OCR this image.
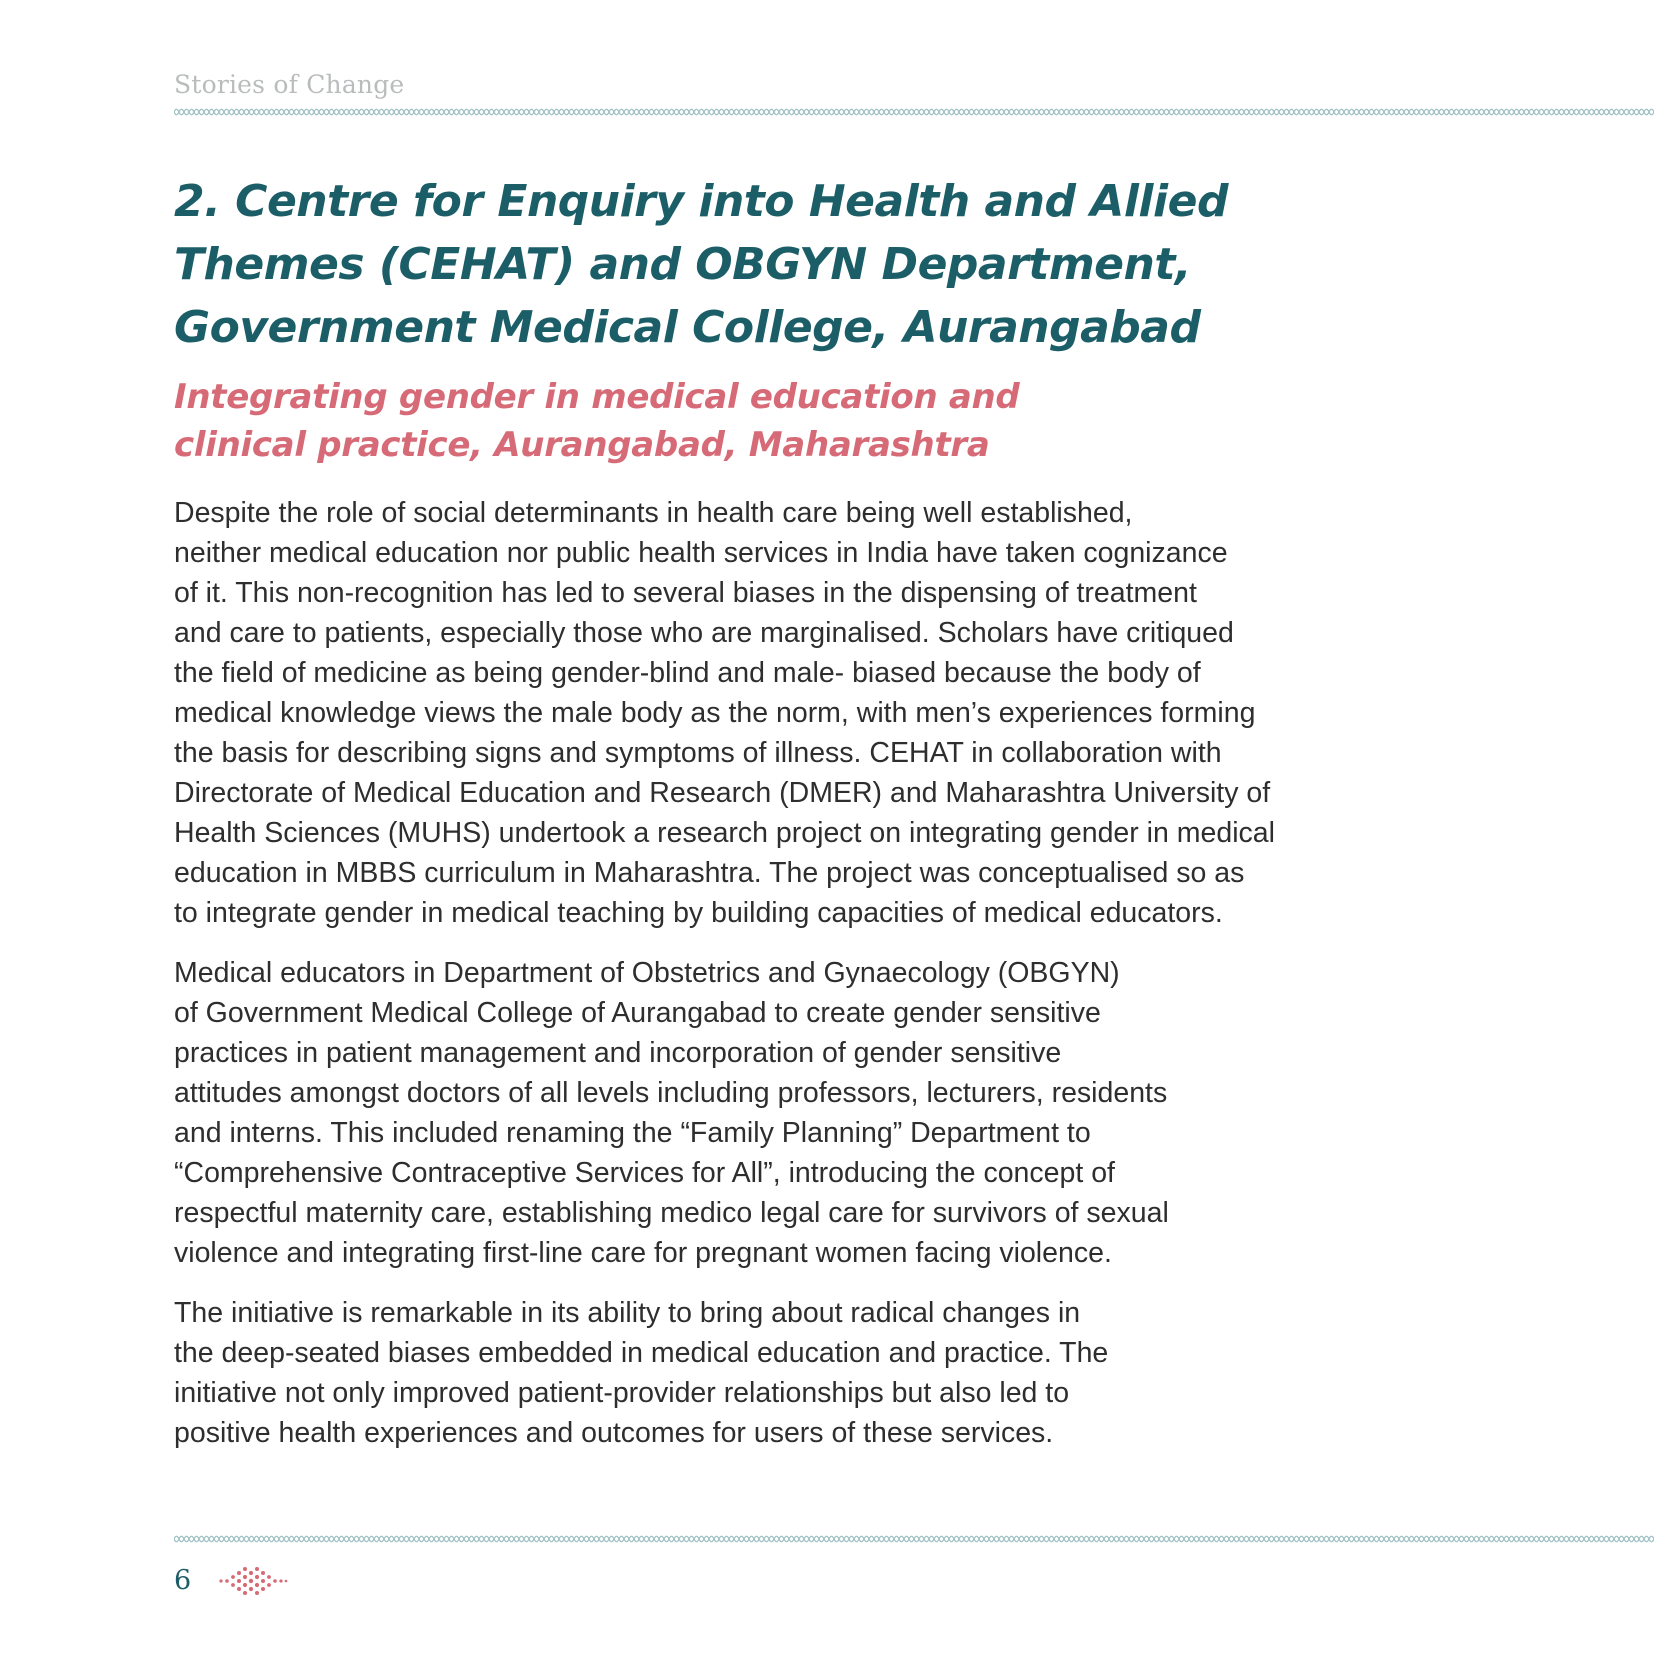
Stories of Change
2. Centre for Enquiry into Health and Allied
Themes (CEHAT) and OBGYN Department,
Government Medical College, Aurangabad
Integrating gender in medical education and
clinical practice, Aurangabad, Maharashtra
Despite the role of social determinants in health care being well established,
neither medical education nor public health services in India have taken cognizance
of it. This non-recognition has led to several biases in the dispensing of treatment
and care to patients, especially those who are marginalised. Scholars have critiqued
the field of medicine as being gender-blind and male- biased because the body of
medical knowledge views the male body as the norm, with men’s experiences forming
the basis for describing signs and symptoms of illness. CEHAT in collaboration with
Directorate of Medical Education and Research (DMER) and Maharashtra University of
Health Sciences (MUHS) undertook a research project on integrating gender in medical
education in MBBS curriculum in Maharashtra. The project was conceptualised so as
to integrate gender in medical teaching by building capacities of medical educators.
Medical educators in Department of Obstetrics and Gynaecology (OBGYN)
of Government Medical College of Aurangabad to create gender sensitive
practices in patient management and incorporation of gender sensitive
attitudes amongst doctors of all levels including professors, lecturers, residents
and interns. This included renaming the “Family Planning” Department to
“Comprehensive Contraceptive Services for All”, introducing the concept of
respectful maternity care, establishing medico legal care for survivors of sexual
violence and integrating first-line care for pregnant women facing violence.
The initiative is remarkable in its ability to bring about radical changes in
the deep-seated biases embedded in medical education and practice. The
initiative not only improved patient-provider relationships but also led to
positive health experiences and outcomes for users of these services.
6
